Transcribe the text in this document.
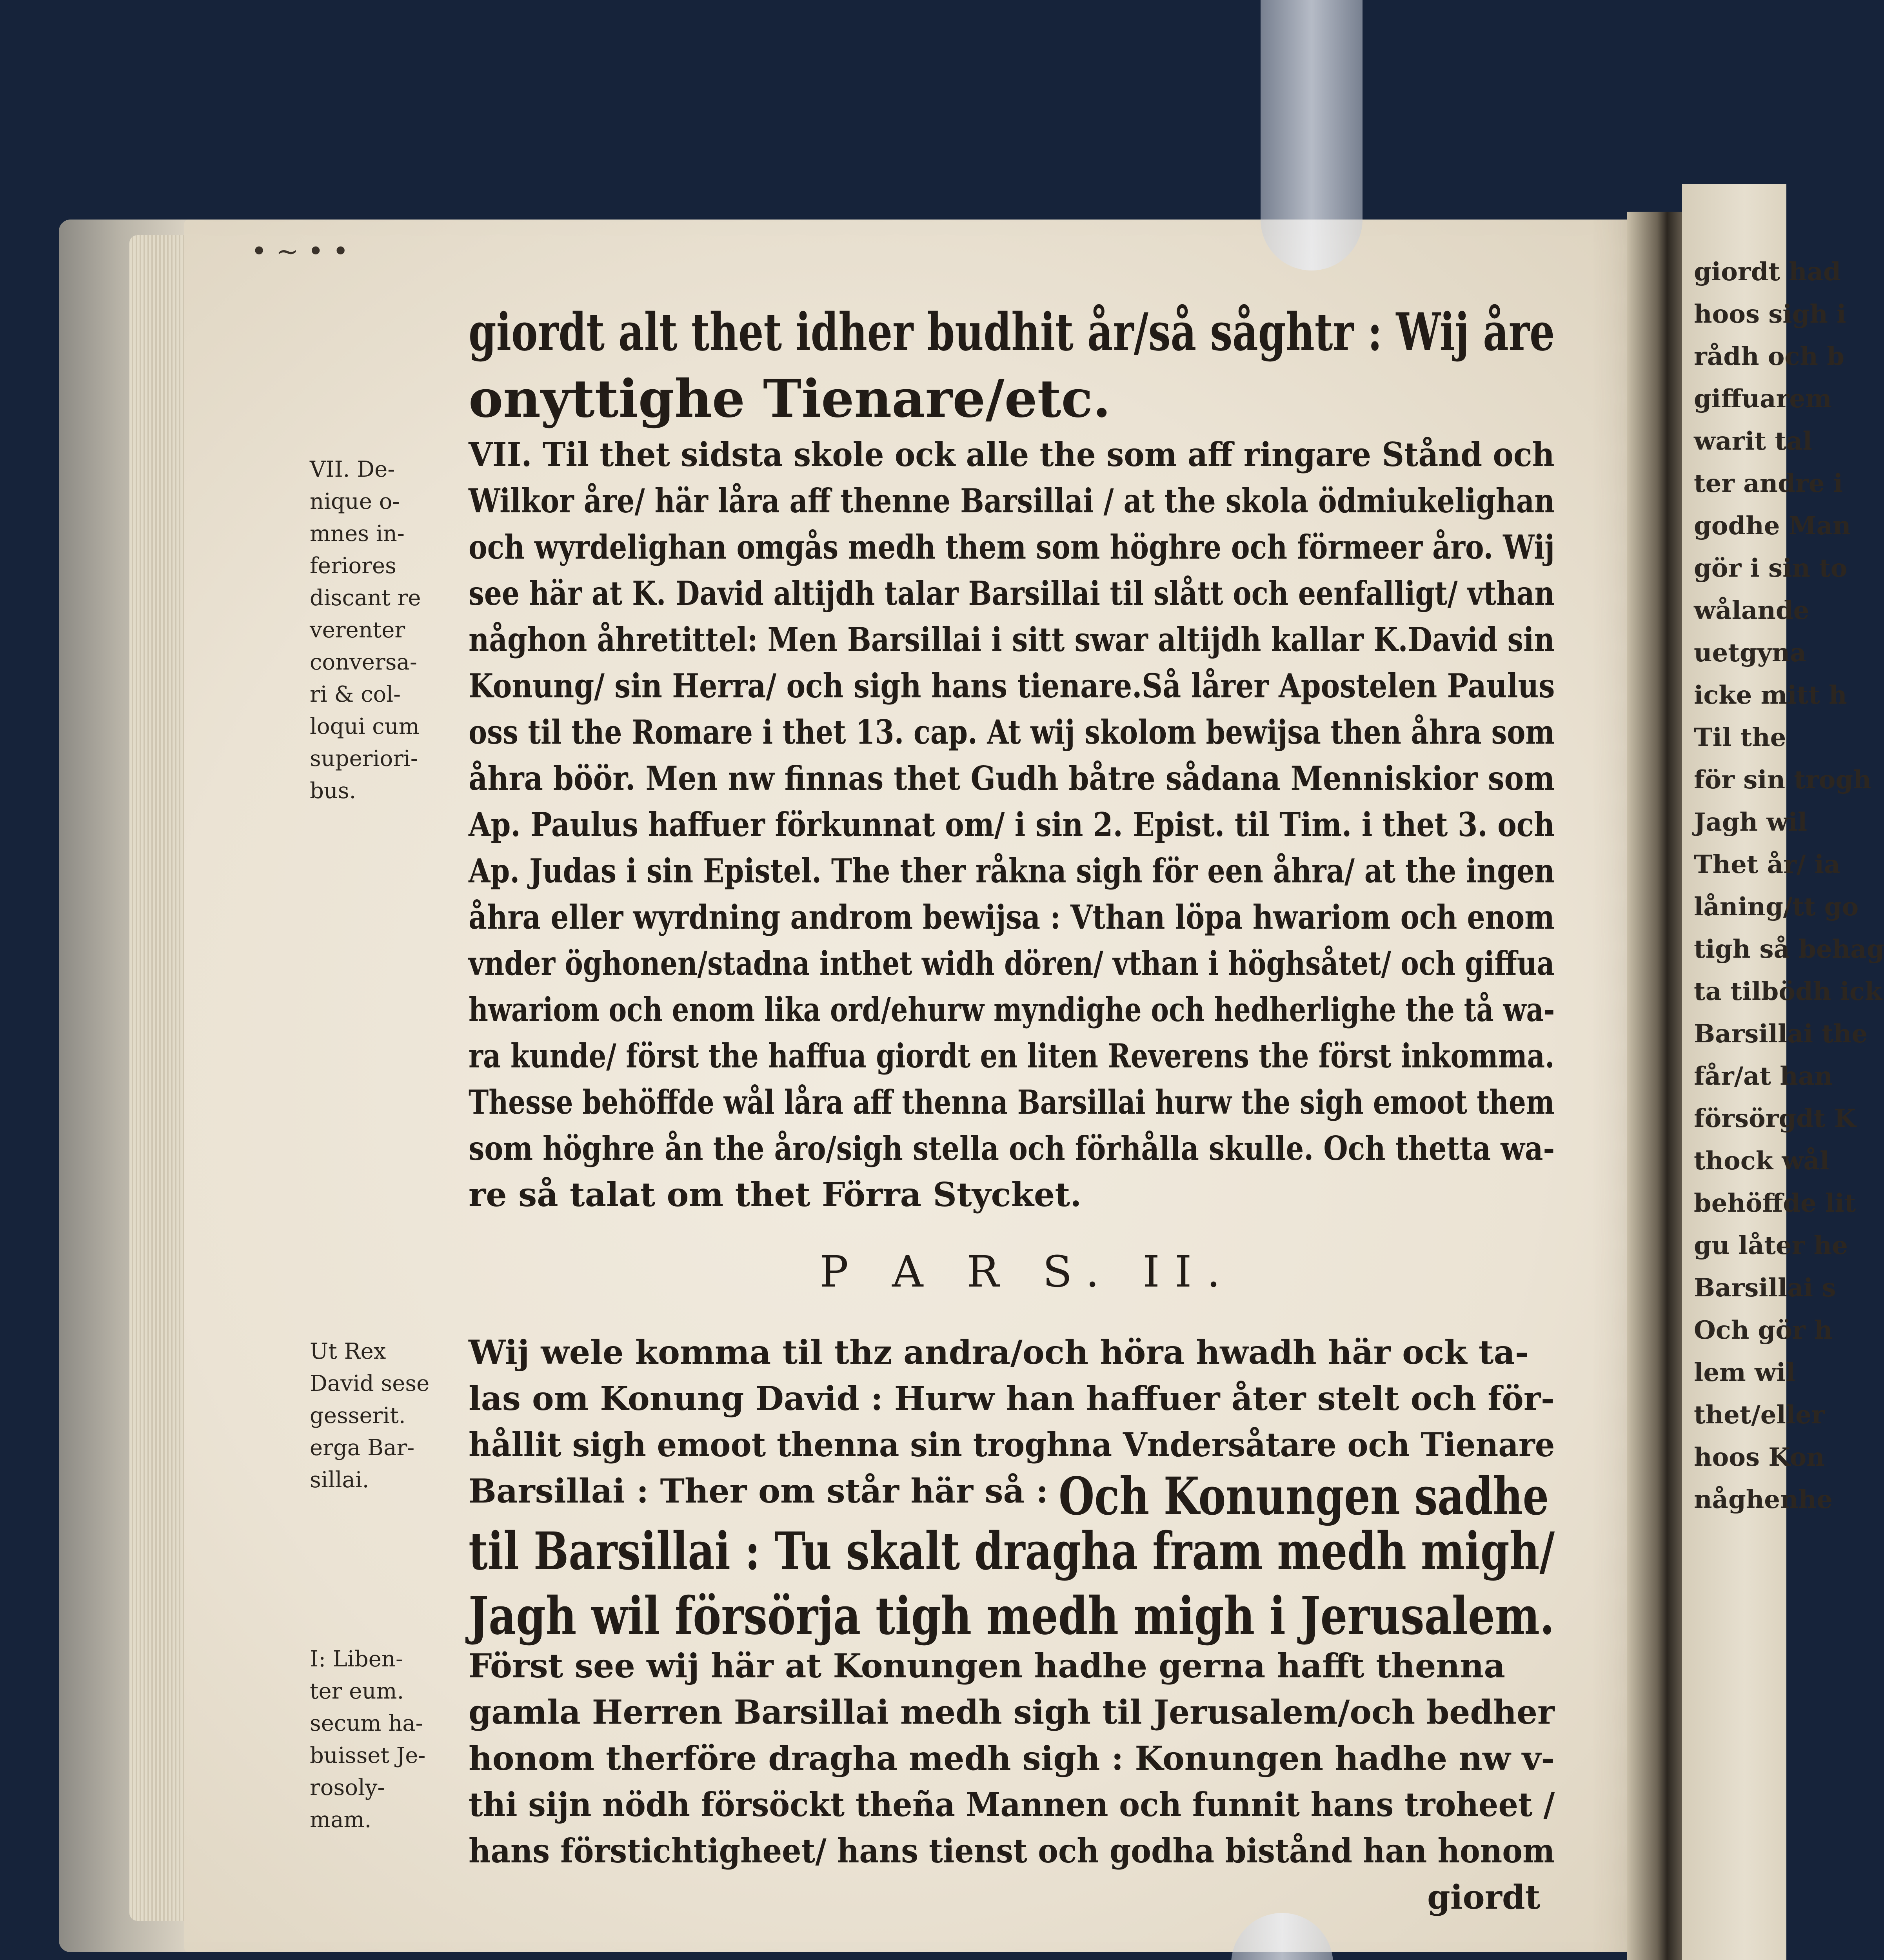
giordt had
hoos sigh i
rådh och b
giffuarem
warit tal
ter andre i
godhe Man
gör i sin to
wålande
uetgyna
icke mitt h
Til the
för sin trogh
Jagh wil
Thet år/ ia
låning/tt go
tigh så behag
ta tilbödh ick
Barsillai the
får/at han
försörgdt K
thock wål
behöffde lit
gu låter he
Barsillai s
Och gör h
lem wil
thet/eller
hoos Kon
någhenhe
• ~ • •
giordt alt thet idher budhit år/så såghtr : Wij åre
onyttighe Tienare/etc.
VII. Til thet sidsta skole ock alle the som aff ringare Stånd och
Wilkor åre/ här låra aff thenne Barsillai / at the skola ödmiukelighan
och wyrdelighan omgås medh them som höghre och förmeer åro. Wij
see här at K. David altijdh talar Barsillai til slått och eenfalligt/ vthan
någhon åhretittel: Men Barsillai i sitt swar altijdh kallar K.David sin
Konung/ sin Herra/ och sigh hans tienare.Så lårer Apostelen Paulus
oss til the Romare i thet 13. cap. At wij skolom bewijsa then åhra som
åhra böör. Men nw finnas thet Gudh båtre sådana Menniskior som
Ap. Paulus haffuer förkunnat om/ i sin 2. Epist. til Tim. i thet 3. och
Ap. Judas i sin Epistel. The ther råkna sigh för een åhra/ at the ingen
åhra eller wyrdning androm bewijsa : Vthan löpa hwariom och enom
vnder öghonen/stadna inthet widh dören/ vthan i höghsåtet/ och giffua
hwariom och enom lika ord/ehurw myndighe och hedherlighe the tå wa-
ra kunde/ först the haffua giordt en liten Reverens the först inkomma.
Thesse behöffde wål låra aff thenna Barsillai hurw the sigh emoot them
som höghre ån the åro/sigh stella och förhålla skulle. Och thetta wa-
re så talat om thet Förra Stycket.
P A R S. II.
Wij wele komma til thz andra/och höra hwadh här ock ta-
las om Konung David : Hurw han haffuer åter stelt och för-
hållit sigh emoot thenna sin troghna Vndersåtare och Tienare
Barsillai : Ther om står här så : Och Konungen sadhe
til Barsillai : Tu skalt dragha fram medh migh/
Jagh wil försörja tigh medh migh i Jerusalem.
Först see wij här at Konungen hadhe gerna hafft thenna
gamla Herren Barsillai medh sigh til Jerusalem/och bedher
honom therföre dragha medh sigh : Konungen hadhe nw v-
thi sijn nödh försöckt theña Mannen och funnit hans troheet /
hans förstichtigheet/ hans tienst och godha bistånd han honom
giordt
VII. De-
nique o-
mnes in-
feriores
discant re
verenter
conversa-
ri & col-
loqui cum
superiori-
bus.
Ut Rex
David sese
gesserit.
erga Bar-
sillai.
I: Liben-
ter eum.
secum ha-
buisset Je-
rosoly-
mam.
